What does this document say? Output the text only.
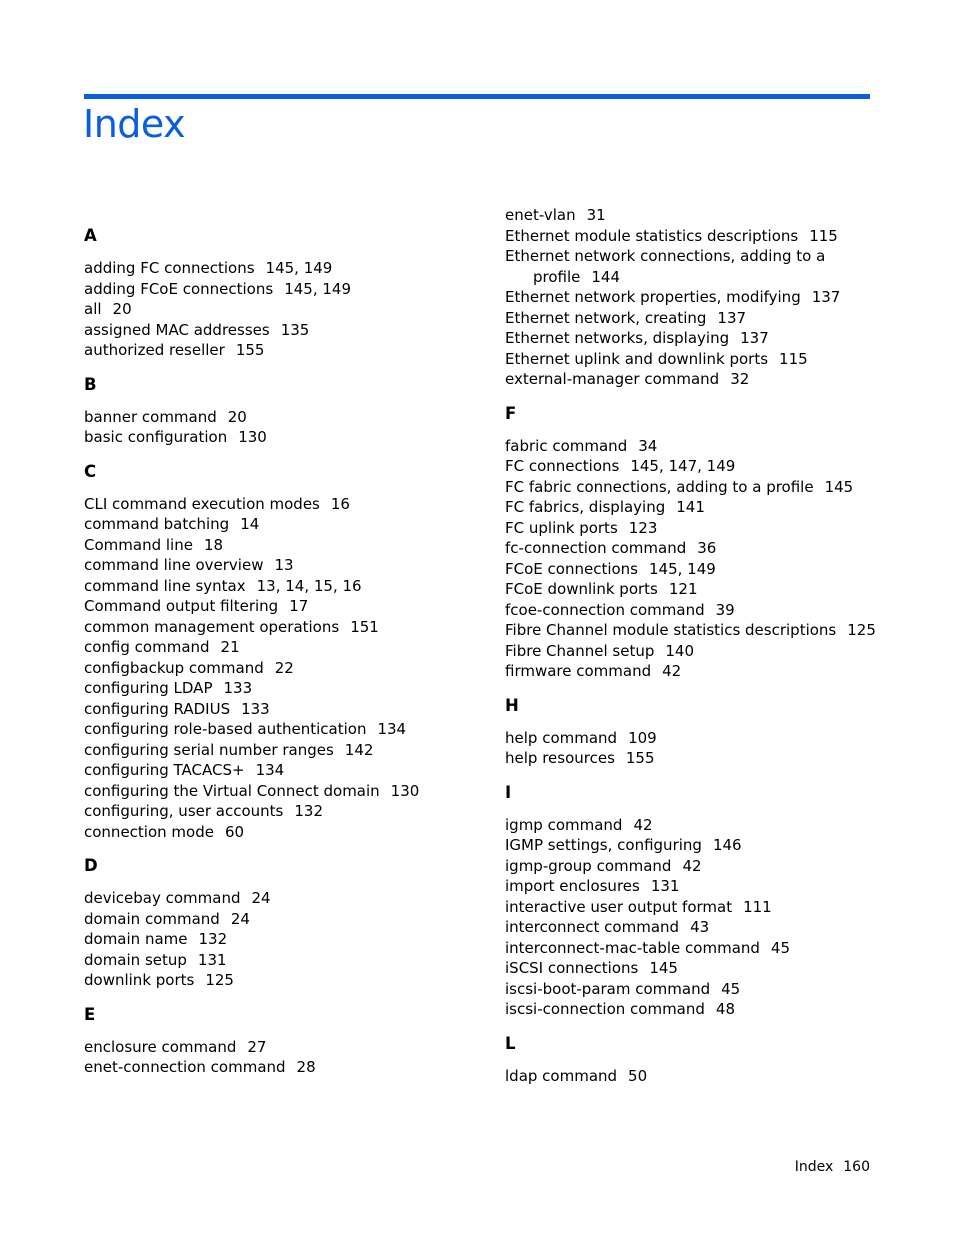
Index
A
adding FC connections 145, 149
adding FCoE connections 145, 149
all 20
assigned MAC addresses 135
authorized reseller 155
B
banner command 20
basic configuration 130
C
CLI command execution modes 16
command batching 14
Command line 18
command line overview 13
command line syntax 13, 14, 15, 16
Command output filtering 17
common management operations 151
config command 21
configbackup command 22
configuring LDAP 133
configuring RADIUS 133
configuring role-based authentication 134
configuring serial number ranges 142
configuring TACACS+ 134
configuring the Virtual Connect domain 130
configuring, user accounts 132
connection mode 60
D
devicebay command 24
domain command 24
domain name 132
domain setup 131
downlink ports 125
E
enclosure command 27
enet-connection command 28
enet-vlan 31
Ethernet module statistics descriptions 115
Ethernet network connections, adding to a
profile 144
Ethernet network properties, modifying 137
Ethernet network, creating 137
Ethernet networks, displaying 137
Ethernet uplink and downlink ports 115
external-manager command 32
F
fabric command 34
FC connections 145, 147, 149
FC fabric connections, adding to a profile 145
FC fabrics, displaying 141
FC uplink ports 123
fc-connection command 36
FCoE connections 145, 149
FCoE downlink ports 121
fcoe-connection command 39
Fibre Channel module statistics descriptions 125
Fibre Channel setup 140
firmware command 42
H
help command 109
help resources 155
I
igmp command 42
IGMP settings, configuring 146
igmp-group command 42
import enclosures 131
interactive user output format 111
interconnect command 43
interconnect-mac-table command 45
iSCSI connections 145
iscsi-boot-param command 45
iscsi-connection command 48
L
ldap command 50
Index 160
